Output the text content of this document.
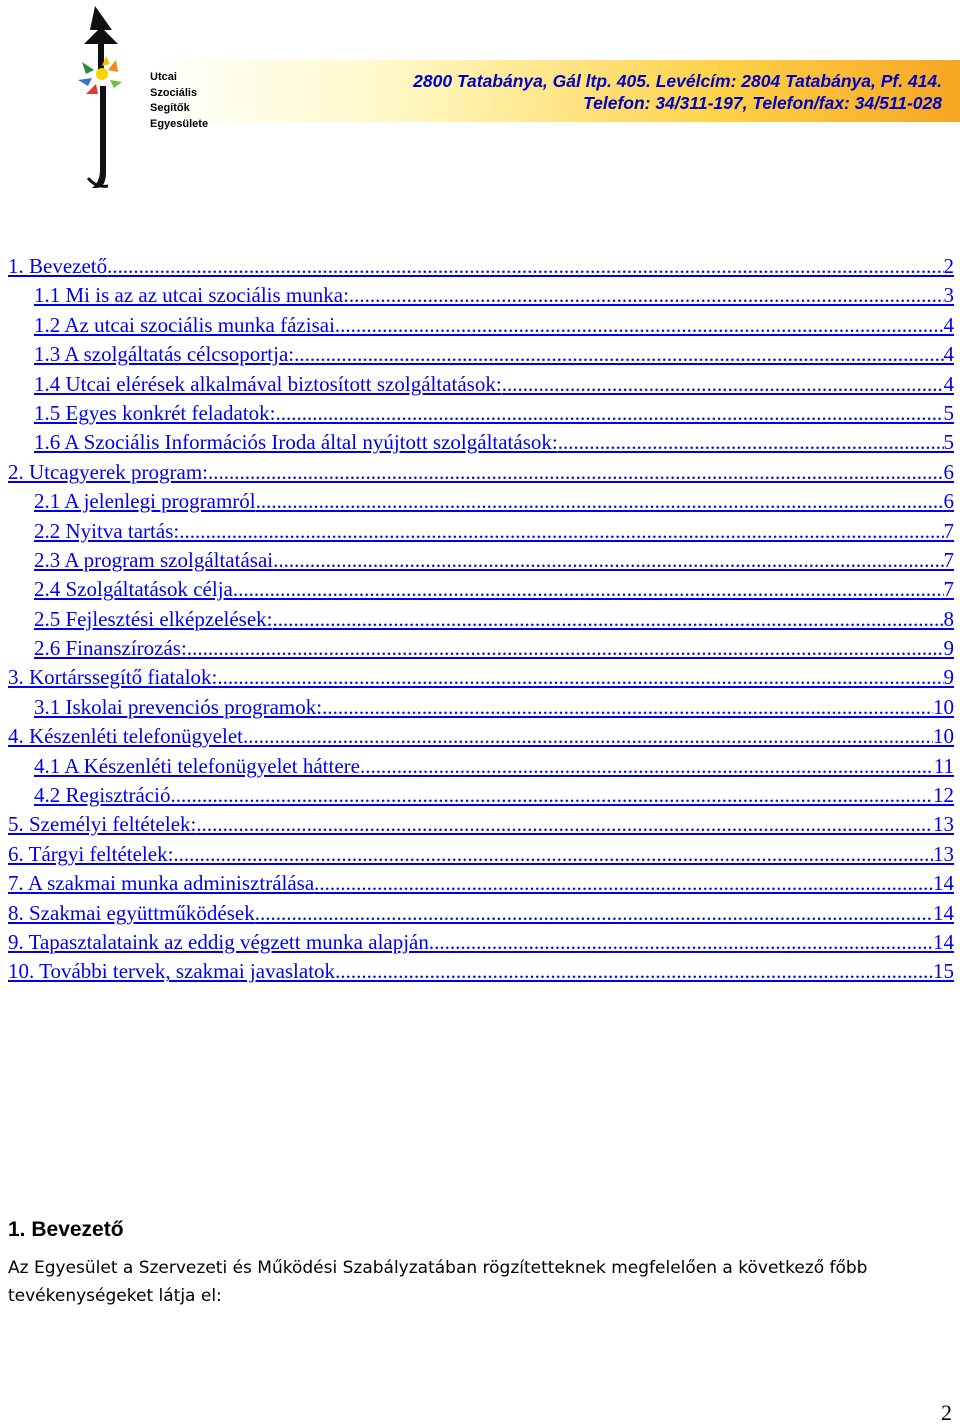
Utcai
Szociális
Segítők
Egyesülete
2800 Tatabánya, Gál ltp. 405. Levélcím: 2804 Tatabánya, Pf. 414.
Telefon: 34/311-197, Telefon/fax: 34/511-028
1. Bevezető .....	2
1.1 Mi is az az utcai szociális munka: .....	3
1.2 Az utcai szociális munka fázisai .....	4
1.3 A szolgáltatás célcsoportja: .....	4
1.4 Utcai elérések alkalmával biztosított szolgáltatások: .....	4
1.5 Egyes konkrét feladatok: .....	5
1.6 A Szociális Információs Iroda által nyújtott szolgáltatások: .....	5
2. Utcagyerek program: .....	6
2.1 A jelenlegi programról .....	6
2.2 Nyitva tartás: .....	7
2.3 A program szolgáltatásai .....	7
2.4 Szolgáltatások célja .....	7
2.5 Fejlesztési elképzelések: .....	8
2.6 Finanszírozás: .....	9
3. Kortárssegítő fiatalok: .....	9
3.1 Iskolai prevenciós programok: .....	10
4. Készenléti telefonügyelet .....	10
4.1 A Készenléti telefonügyelet háttere .....	11
4.2 Regisztráció .....	12
5. Személyi feltételek: .....	13
6. Tárgyi feltételek: .....	13
7. A szakmai munka adminisztrálása .....	14
8. Szakmai együttműködések .....	14
9. Tapasztalataink az eddig végzett munka alapján .....	14
10. További tervek, szakmai javaslatok .....	15
1. Bevezető
Az Egyesület a Szervezeti és Működési Szabályzatában rögzítetteknek megfelelően a következő főbb tevékenységeket látja el:
2
